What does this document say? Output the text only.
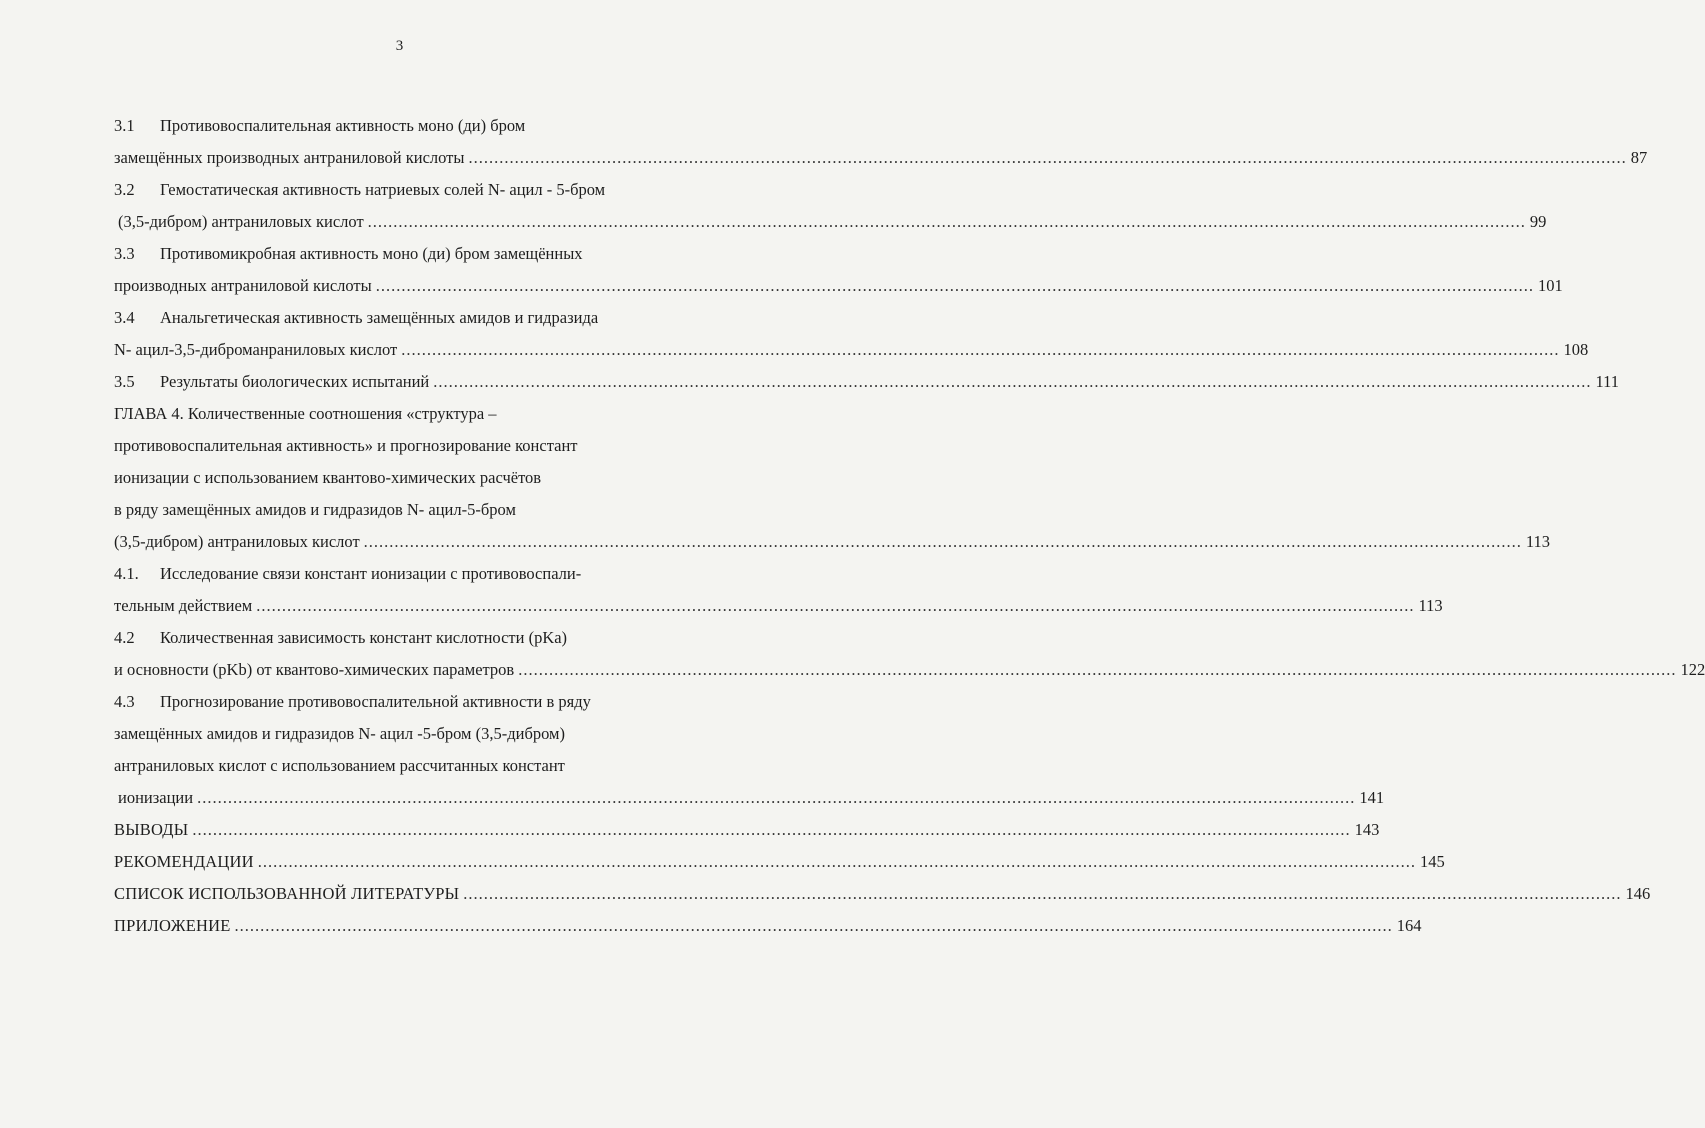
3
3.1	Противовоспалительная активность моно (ди) бром
замещённых производных антраниловой кислоты .....	87
3.2	Гемостатическая активность натриевых солей N- ацил - 5-бром
(3,5-дибром) антраниловых кислот .....	99
3.3	Противомикробная активность моно (ди) бром замещённых
производных антраниловой кислоты .....	101
3.4	Анальгетическая активность замещённых амидов и гидразида
N- ацил-3,5-диброманраниловых кислот .....	108
3.5	Результаты биологических испытаний .....	111
ГЛАВА 4. Количественные соотношения «структура –
противовоспалительная активность» и прогнозирование констант
ионизации с использованием квантово-химических расчётов
в ряду замещённых амидов и гидразидов N- ацил-5-бром
(3,5-дибром) антраниловых кислот .....	113
4.1.	Исследование связи констант ионизации с противовоспали-
тельным действием .....	113
4.2	Количественная зависимость констант кислотности (pKa)
и основности (pKb) от квантово-химических параметров .....	122
4.3	Прогнозирование противовоспалительной активности в ряду
замещённых амидов и гидразидов N- ацил -5-бром (3,5-дибром)
антраниловых кислот с использованием рассчитанных констант
ионизации .....	141
ВЫВОДЫ .....	143
РЕКОМЕНДАЦИИ .....	145
СПИСОК ИСПОЛЬЗОВАННОЙ ЛИТЕРАТУРЫ .....	146
ПРИЛОЖЕНИЕ .....	164
